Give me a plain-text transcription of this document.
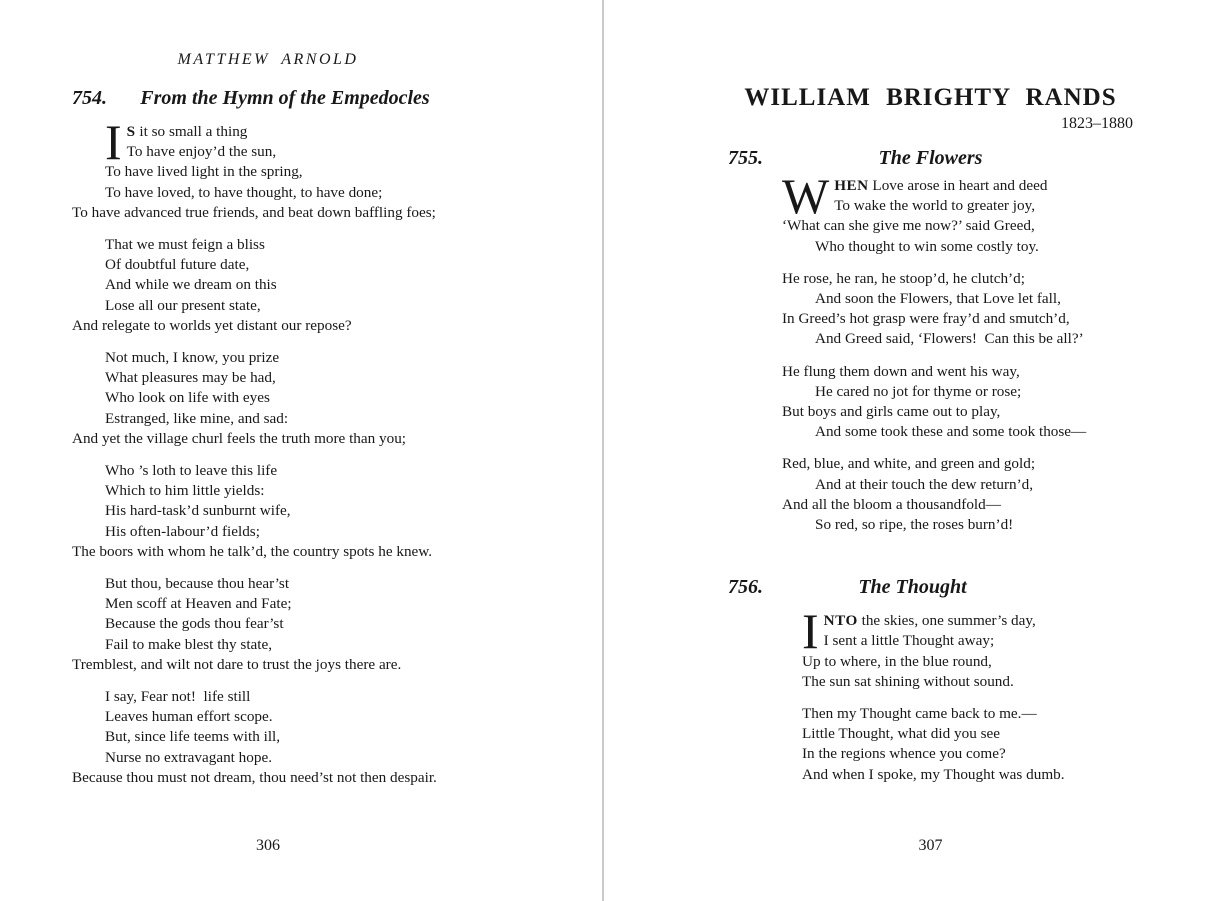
MATTHEW ARNOLD
754.	From the Hymn of the Empedocles
I S it so small a thing
To have enjoy’d the sun,
To have lived light in the spring,
To have loved, to have thought, to have done;
To have advanced true friends, and beat down baffling foes;
That we must feign a bliss
Of doubtful future date,
And while we dream on this
Lose all our present state,
And relegate to worlds yet distant our repose?
Not much, I know, you prize
What pleasures may be had,
Who look on life with eyes
Estranged, like mine, and sad:
And yet the village churl feels the truth more than you;
Who ’s loth to leave this life
Which to him little yields:
His hard-task’d sunburnt wife,
His often-labour’d fields;
The boors with whom he talk’d, the country spots he knew.
But thou, because thou hear’st
Men scoff at Heaven and Fate;
Because the gods thou fear’st
Fail to make blest thy state,
Tremblest, and wilt not dare to trust the joys there are.
I say, Fear not!  life still
Leaves human effort scope.
But, since life teems with ill,
Nurse no extravagant hope.
Because thou must not dream, thou need’st not then despair.
306
WILLIAM BRIGHTY RANDS
1823–1880
755.	The Flowers
W HEN Love arose in heart and deed
To wake the world to greater joy,
‘What can she give me now?’ said Greed,
Who thought to win some costly toy.
He rose, he ran, he stoop’d, he clutch’d;
And soon the Flowers, that Love let fall,
In Greed’s hot grasp were fray’d and smutch’d,
And Greed said, ‘Flowers!  Can this be all?’
He flung them down and went his way,
He cared no jot for thyme or rose;
But boys and girls came out to play,
And some took these and some took those—
Red, blue, and white, and green and gold;
And at their touch the dew return’d,
And all the bloom a thousandfold—
So red, so ripe, the roses burn’d!
756.	The Thought
I NTO the skies, one summer’s day,
I sent a little Thought away;
Up to where, in the blue round,
The sun sat shining without sound.
Then my Thought came back to me.—
Little Thought, what did you see
In the regions whence you come?
And when I spoke, my Thought was dumb.
307
